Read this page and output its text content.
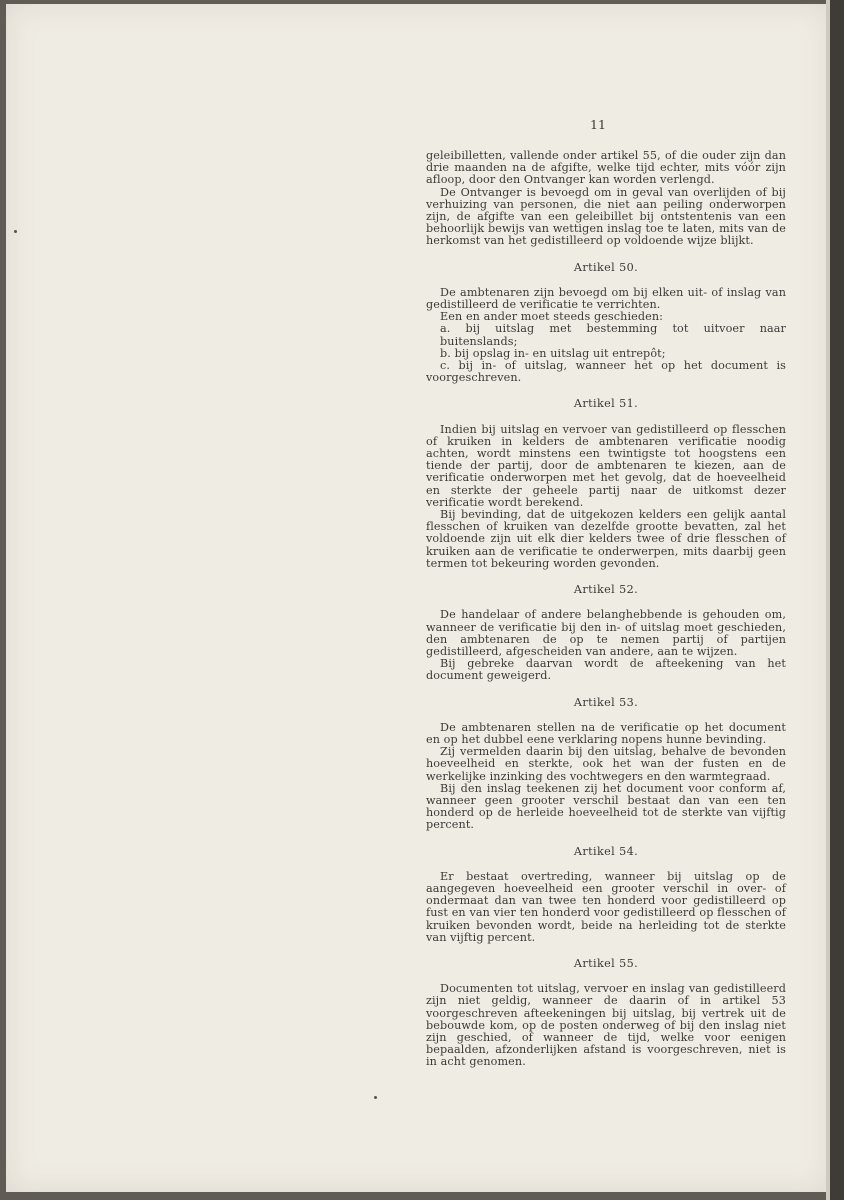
11

geleibilletten, vallende onder artikel 55, of die ouder zijn dan drie maanden na de afgifte, welke tijd echter, mits vóór zijn afloop, door den Ontvanger kan worden verlengd.

De Ontvanger is bevoegd om in geval van overlijden of bij verhuizing van personen, die niet aan peiling onderworpen zijn, de afgifte van een geleibillet bij ontstentenis van een behoorlijk bewijs van wettigen inslag toe te laten, mits van de herkomst van het gedistilleerd op voldoende wijze blijkt.

Artikel 50.

De ambtenaren zijn bevoegd om bij elken uit- of inslag van gedistilleerd de verificatie te verrichten.

Een en ander moet steeds geschieden:

a. bij uitslag met bestemming tot uitvoer naar buitenslands;

b. bij opslag in- en uitslag uit entrepôt;

c. bij in- of uitslag, wanneer het op het document is voorgeschreven.

Artikel 51.

Indien bij uitslag en vervoer van gedistilleerd op flesschen of kruiken in kelders de ambtenaren verificatie noodig achten, wordt minstens een twintigste tot hoogstens een tiende der partij, door de ambtenaren te kiezen, aan de verificatie onderworpen met het gevolg, dat de hoeveelheid en sterkte der geheele partij naar de uitkomst dezer verificatie wordt berekend.

Bij bevinding, dat de uitgekozen kelders een gelijk aantal flesschen of kruiken van dezelfde grootte bevatten, zal het voldoende zijn uit elk dier kelders twee of drie flesschen of kruiken aan de verificatie te onderwerpen, mits daarbij geen termen tot bekeuring worden gevonden.

Artikel 52.

De handelaar of andere belanghebbende is gehouden om, wanneer de verificatie bij den in- of uitslag moet geschieden, den ambtenaren de op te nemen partij of partijen gedistilleerd, afgescheiden van andere, aan te wijzen.

Bij gebreke daarvan wordt de afteekening van het document geweigerd.

Artikel 53.

De ambtenaren stellen na de verificatie op het document en op het dubbel eene verklaring nopens hunne bevinding.

Zij vermelden daarin bij den uitslag, behalve de bevonden hoeveelheid en sterkte, ook het wan der fusten en de werkelijke inzinking des vochtwegers en den warmtegraad.

Bij den inslag teekenen zij het document voor conform af, wanneer geen grooter verschil bestaat dan van een ten honderd op de herleide hoeveelheid tot de sterkte van vijftig percent.

Artikel 54.

Er bestaat overtreding, wanneer bij uitslag op de aangegeven hoeveelheid een grooter verschil in over- of ondermaat dan van twee ten honderd voor gedistilleerd op fust en van vier ten honderd voor gedistilleerd op flesschen of kruiken bevonden wordt, beide na herleiding tot de sterkte van vijftig percent.

Artikel 55.

Documenten tot uitslag, vervoer en inslag van gedistilleerd zijn niet geldig, wanneer de daarin of in artikel 53 voorgeschreven afteekeningen bij uitslag, bij vertrek uit de bebouwde kom, op de posten onderweg of bij den inslag niet zijn geschied, of wanneer de tijd, welke voor eenigen bepaalden, afzonderlijken afstand is voorgeschreven, niet is in acht genomen.
